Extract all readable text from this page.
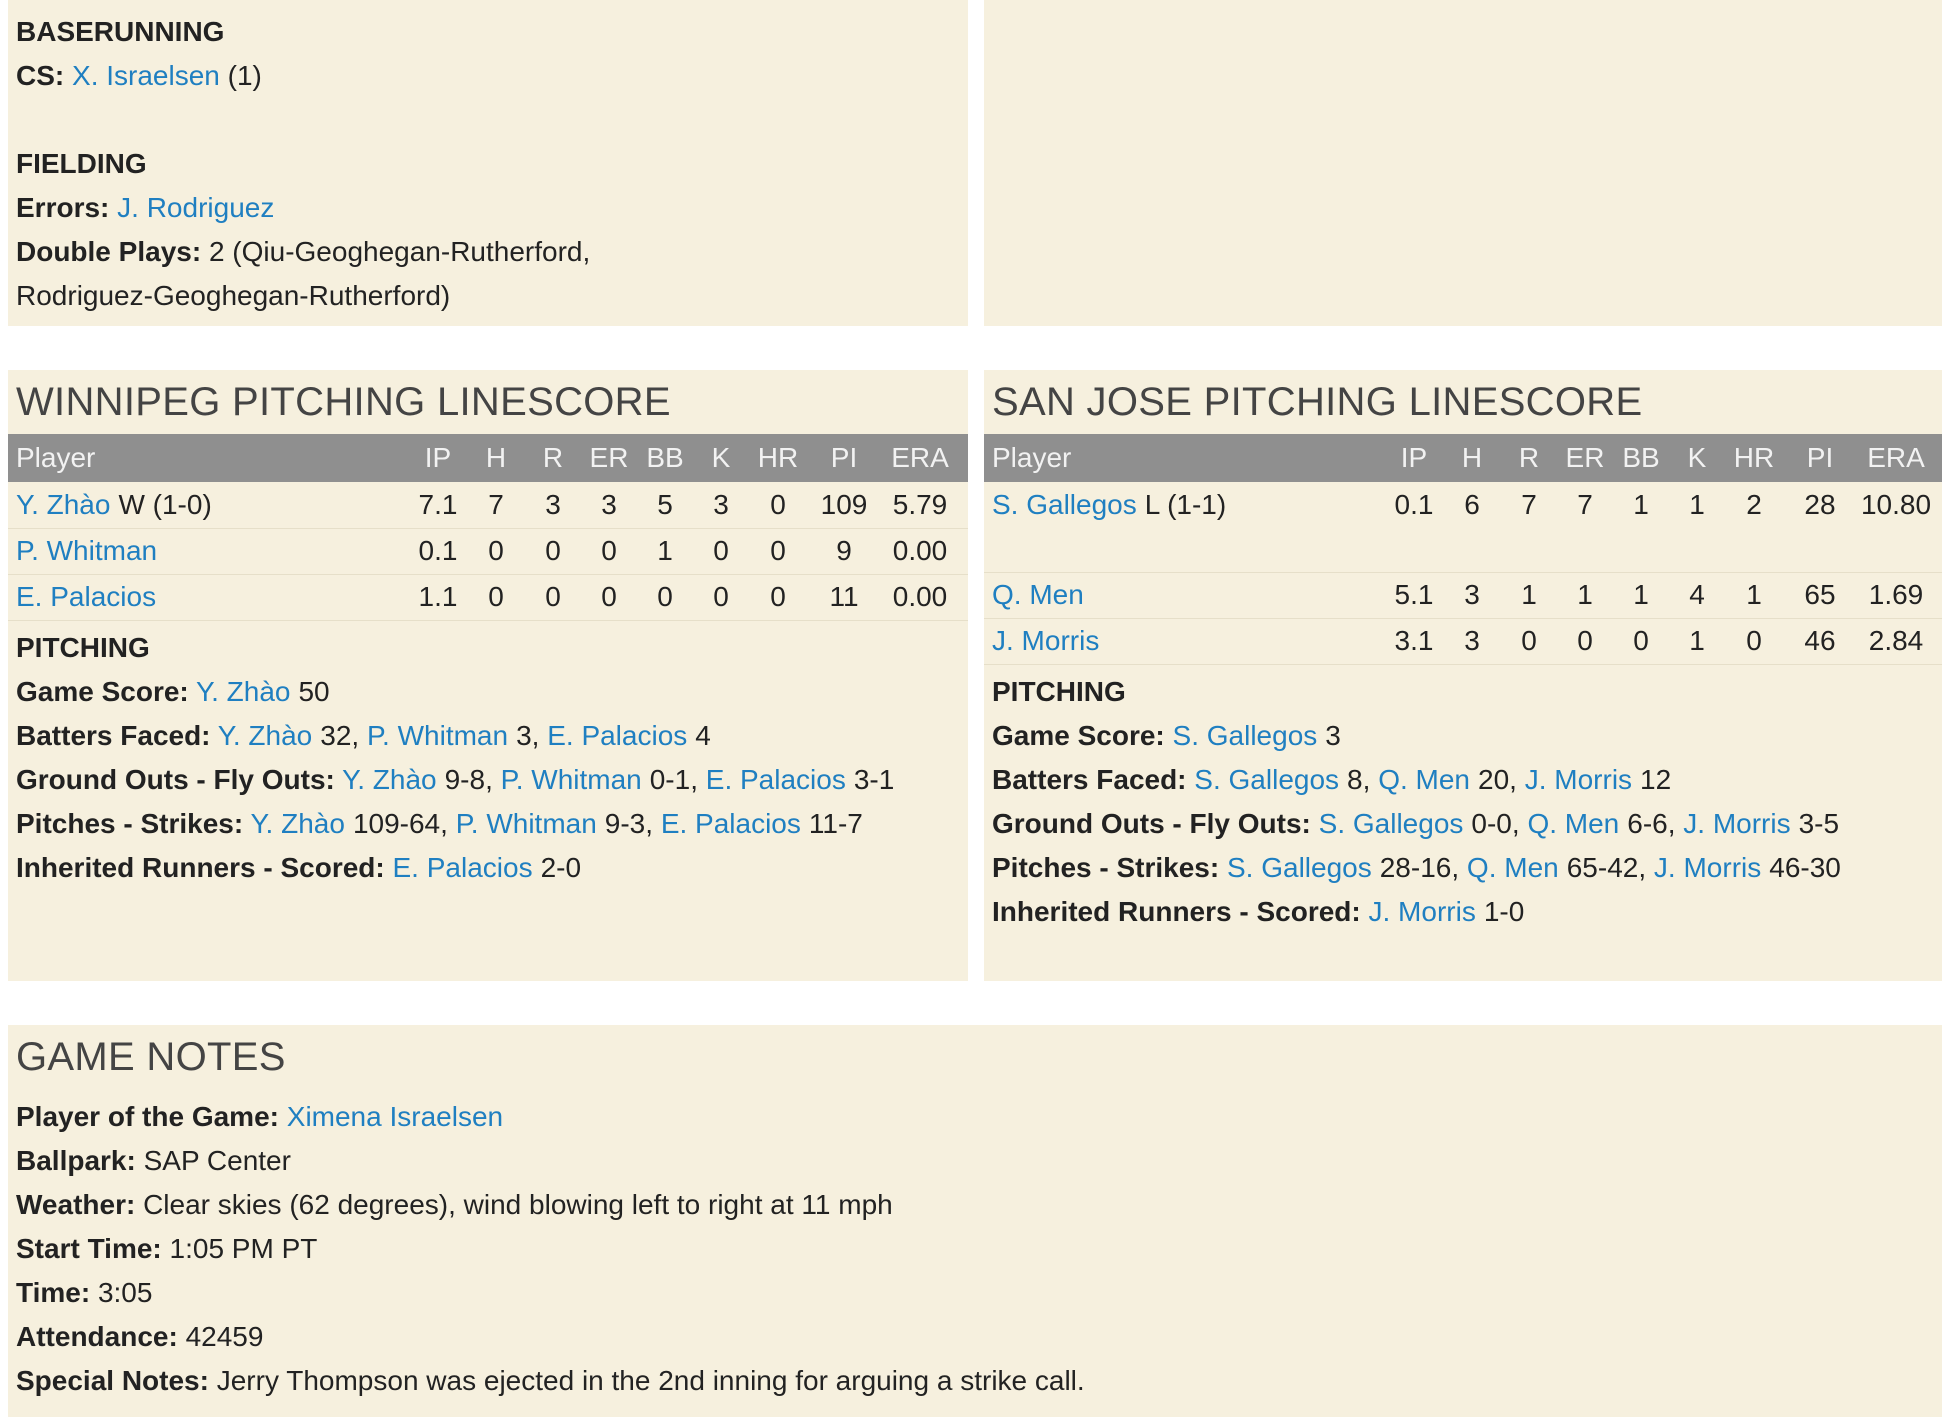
BASERUNNING
CS: X. Israelsen (1)
FIELDING
Errors: J. Rodriguez
Double Plays: 2 (Qiu-Geoghegan-Rutherford,
Rodriguez-Geoghegan-Rutherford)
WINNIPEG PITCHING LINESCORE
Player	IP	H	R ER BB K HR	PI	ERA
Y. Zhào W (1-0)	7.1	7	3	3	5	3	0	109 5.79
P. Whitman	0.1	0	0	0	1	0	0	9	0.00
E. Palacios	1.1	0	0	0	0	0	0	11	0.00
PITCHING
Game Score: Y. Zhào 50
Batters Faced: Y. Zhào 32, P. Whitman 3, E. Palacios 4
Ground Outs - Fly Outs: Y. Zhào 9-8, P. Whitman 0-1, E. Palacios 3-1
Pitches - Strikes: Y. Zhào 109-64, P. Whitman 9-3, E. Palacios 11-7
Inherited Runners - Scored: E. Palacios 2-0
SAN JOSE PITCHING LINESCORE
Player	IP	H	R ER BB K HR	PI	ERA
S. Gallegos L (1-1)	0.1	6	7	7	1	1	2	28 10.80
Q. Men	5.1	3	1	1	1	4	1	65	1.69
J. Morris	3.1	3	0	0	0	1	0	46	2.84
PITCHING
Game Score: S. Gallegos 3
Batters Faced: S. Gallegos 8, Q. Men 20, J. Morris 12
Ground Outs - Fly Outs: S. Gallegos 0-0, Q. Men 6-6, J. Morris 3-5
Pitches - Strikes: S. Gallegos 28-16, Q. Men 65-42, J. Morris 46-30
Inherited Runners - Scored: J. Morris 1-0
GAME NOTES
Player of the Game: Ximena Israelsen
Ballpark: SAP Center
Weather: Clear skies (62 degrees), wind blowing left to right at 11 mph
Start Time: 1:05 PM PT
Time: 3:05
Attendance: 42459
Special Notes: Jerry Thompson was ejected in the 2nd inning for arguing a strike call.
